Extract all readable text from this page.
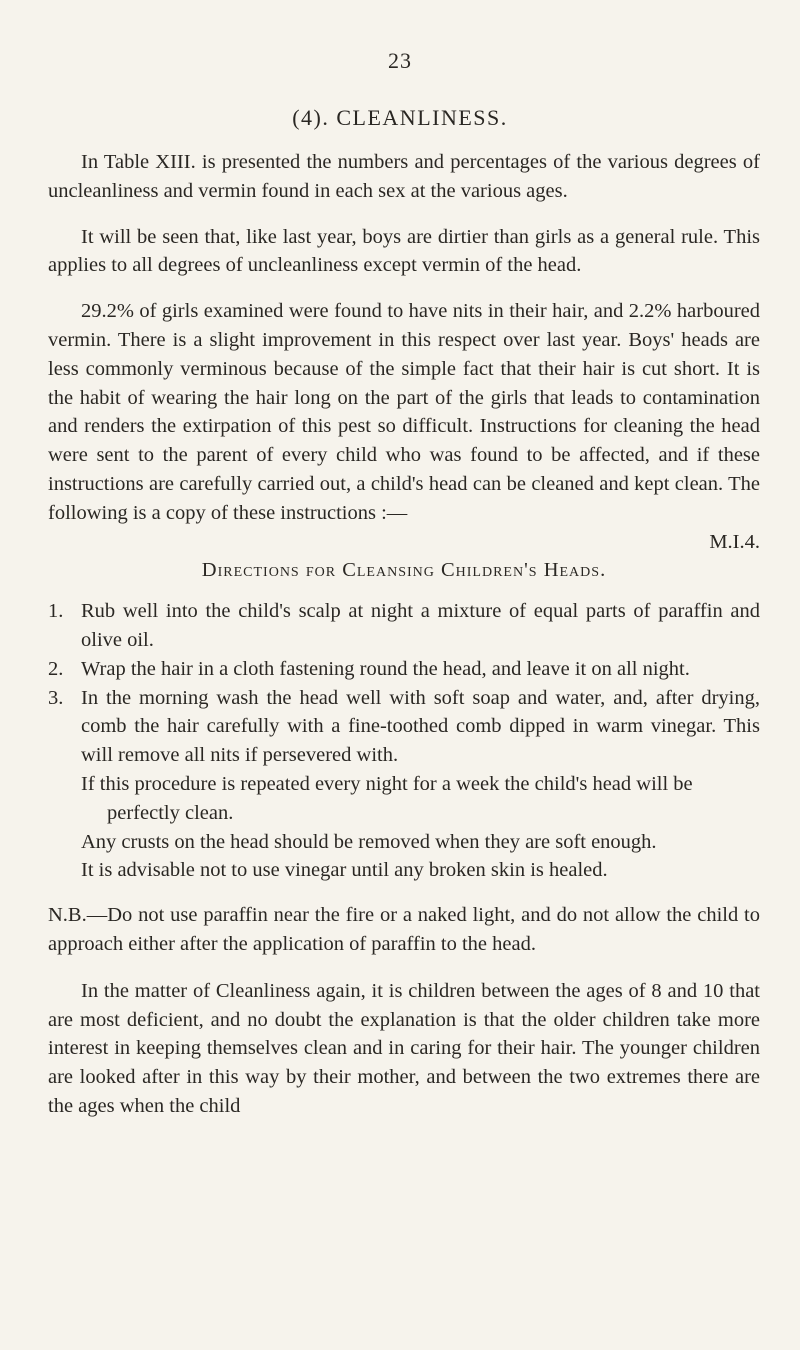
23
(4). CLEANLINESS.

In Table XIII. is presented the numbers and percentages of the various degrees of uncleanliness and vermin found in each sex at the various ages.

It will be seen that, like last year, boys are dirtier than girls as a general rule. This applies to all degrees of uncleanliness except vermin of the head.

29.2% of girls examined were found to have nits in their hair, and 2.2% harboured vermin. There is a slight improvement in this respect over last year. Boys' heads are less commonly verminous because of the simple fact that their hair is cut short. It is the habit of wearing the hair long on the part of the girls that leads to contamination and renders the extirpation of this pest so difficult. Instructions for cleaning the head were sent to the parent of every child who was found to be affected, and if these instructions are carefully carried out, a child's head can be cleaned and kept clean. The following is a copy of these instructions :—

M.I.4.

Directions for Cleansing Children's Heads.

1. Rub well into the child's scalp at night a mixture of equal parts of paraffin and olive oil.
2. Wrap the hair in a cloth fastening round the head, and leave it on all night.
3. In the morning wash the head well with soft soap and water, and, after drying, comb the hair carefully with a fine-toothed comb dipped in warm vinegar. This will remove all nits if persevered with.
If this procedure is repeated every night for a week the child's head will be perfectly clean.
Any crusts on the head should be removed when they are soft enough.
It is advisable not to use vinegar until any broken skin is healed.

N.B.—Do not use paraffin near the fire or a naked light, and do not allow the child to approach either after the application of paraffin to the head.

In the matter of Cleanliness again, it is children between the ages of 8 and 10 that are most deficient, and no doubt the explanation is that the older children take more interest in keeping themselves clean and in caring for their hair. The younger children are looked after in this way by their mother, and between the two extremes there are the ages when the child
